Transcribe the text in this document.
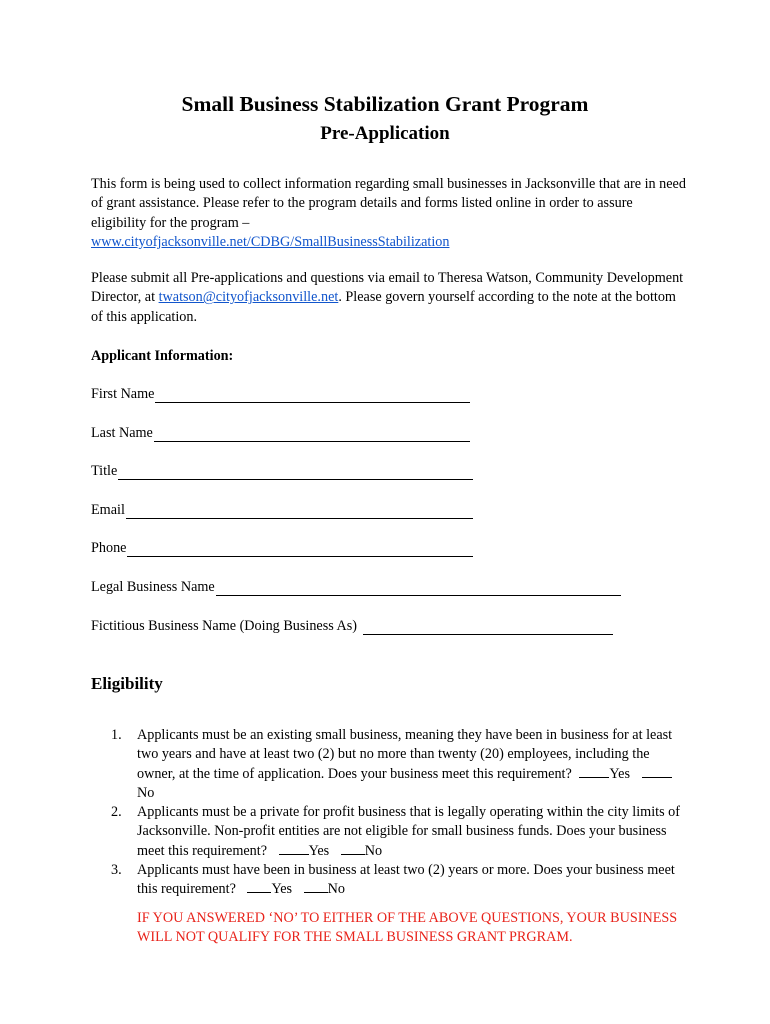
Small Business Stabilization Grant Program
Pre-Application

This form is being used to collect information regarding small businesses in Jacksonville that are in need of grant assistance. Please refer to the program details and forms listed online in order to assure eligibility for the program –
www.cityofjacksonville.net/CDBG/SmallBusinessStabilization

Please submit all Pre-applications and questions via email to Theresa Watson, Community Development Director, at twatson@cityofjacksonville.net. Please govern yourself according to the note at the bottom of this application.

Applicant Information:

First Name
Last Name
Title
Email
Phone
Legal Business Name
Fictitious Business Name (Doing Business As)
Eligibility
1. Applicants must be an existing small business, meaning they have been in business for at least two years and have at least two (2) but no more than twenty (20) employees, including the owner, at the time of application. Does your business meet this requirement?	Yes No
2. Applicants must be a private for profit business that is legally operating within the city limits of Jacksonville. Non-profit entities are not eligible for small business funds. Does your business meet this requirement?	Yes	No
3. Applicants must have been in business at least two (2) years or more. Does your business meet this requirement?	Yes	No

IF YOU ANSWERED ‘NO’ TO EITHER OF THE ABOVE QUESTIONS, YOUR BUSINESS WILL NOT QUALIFY FOR THE SMALL BUSINESS GRANT PRGRAM.
